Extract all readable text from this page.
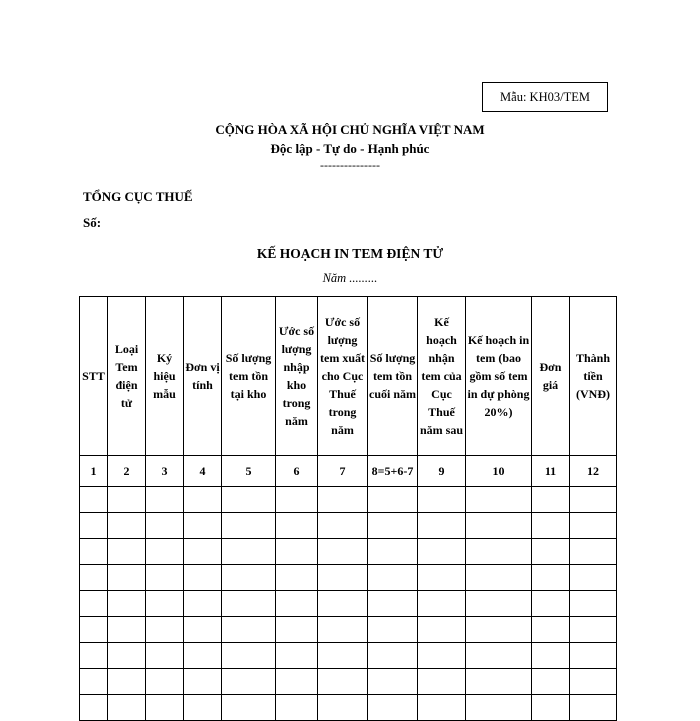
Mẫu: KH03/TEM
CỘNG HÒA XÃ HỘI CHỦ NGHĨA VIỆT NAM
Độc lập - Tự do - Hạnh phúc
---------------
TỔNG CỤC THUẾ
Số:
KẾ HOẠCH IN TEM ĐIỆN TỬ
Năm .........
STT	Loại Tem điện tử	Ký hiệu mẫu	Đơn vị tính	Số lượng tem tồn tại kho	Ước số lượng nhập kho trong năm	Ước số lượng tem xuất cho Cục Thuế trong năm	Số lượng tem tồn cuối năm	Kế hoạch nhận tem của Cục Thuế năm sau	Kế hoạch in tem (bao gồm số tem in dự phòng 20%)	Đơn giá	Thành tiền (VNĐ)
1	2	3	4	5	6	7	8=5+6-7	9	10	11	12
